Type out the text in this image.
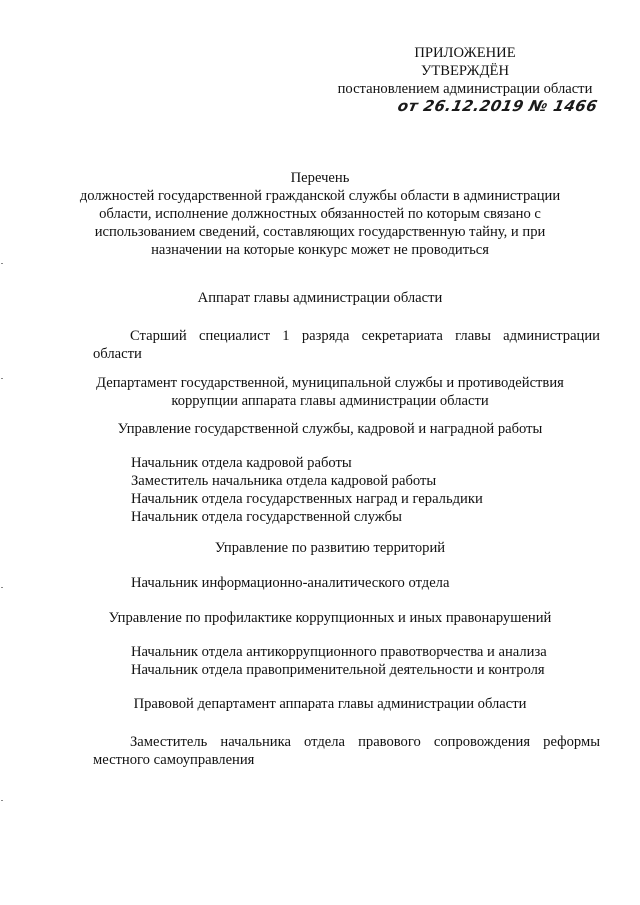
ПРИЛОЖЕНИЕ
УТВЕРЖДЁН
постановлением администрации области
от 26.12.2019 № 1466
Перечень
должностей государственной гражданской службы области в администрации
области, исполнение должностных обязанностей по которым связано с
использованием сведений, составляющих государственную тайну, и при
назначении на которые конкурс может не проводиться
Аппарат главы администрации области
Старший специалист 1 разряда секретариата главы администрации
области
Департамент государственной, муниципальной службы и противодействия
коррупции аппарата главы администрации области
Управление государственной службы, кадровой и наградной работы
Начальник отдела кадровой работы
Заместитель начальника отдела кадровой работы
Начальник отдела государственных наград и геральдики
Начальник отдела государственной службы
Управление по развитию территорий
Начальник информационно-аналитического отдела
Управление по профилактике коррупционных и иных правонарушений
Начальник отдела антикоррупционного правотворчества и анализа
Начальник отдела правоприменительной деятельности и контроля
Правовой департамент аппарата главы администрации области
Заместитель начальника отдела правового сопровождения реформы
местного самоуправления
